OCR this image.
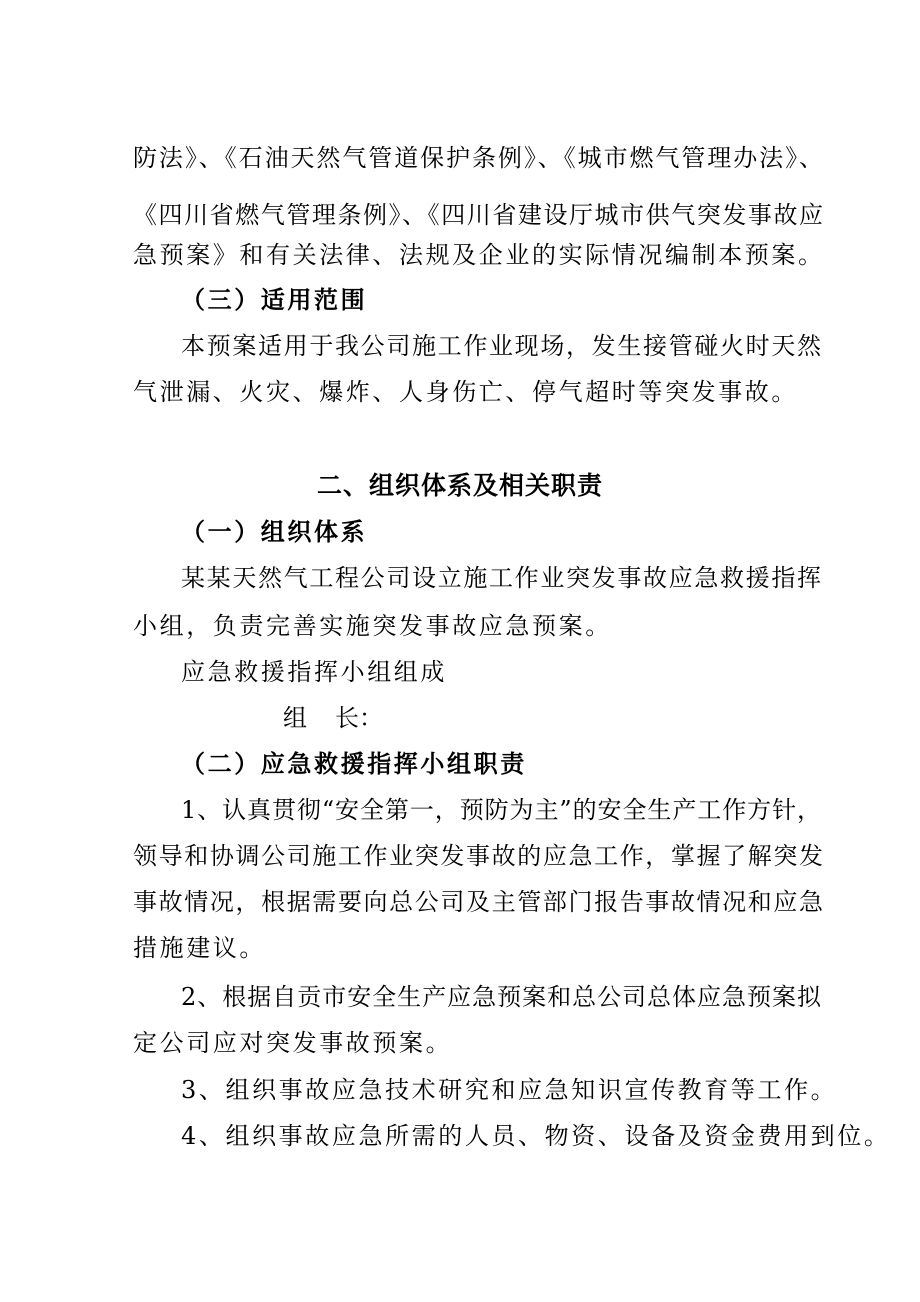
防法》、《石油天然气管道保护条例》、《城市燃气管理办法》、
《四川省燃气管理条例》、《四川省建设厅城市供气突发事故应
急预案》和有关法律、法规及企业的实际情况编制本预案。
（三）适用范围
本预案适用于我公司施工作业现场，发生接管碰火时天然
气泄漏、火灾、爆炸、人身伤亡、停气超时等突发事故。
二、组织体系及相关职责
（一）组织体系
某某天然气工程公司设立施工作业突发事故应急救援指挥
小组，负责完善实施突发事故应急预案。
应急救援指挥小组组成
组 长：
（二）应急救援指挥小组职责
1、认真贯彻“安全第一，预防为主”的安全生产工作方针，
领导和协调公司施工作业突发事故的应急工作，掌握了解突发
事故情况，根据需要向总公司及主管部门报告事故情况和应急
措施建议。
2、根据自贡市安全生产应急预案和总公司总体应急预案拟
定公司应对突发事故预案。
3、组织事故应急技术研究和应急知识宣传教育等工作。
4、组织事故应急所需的人员、物资、设备及资金费用到位。
